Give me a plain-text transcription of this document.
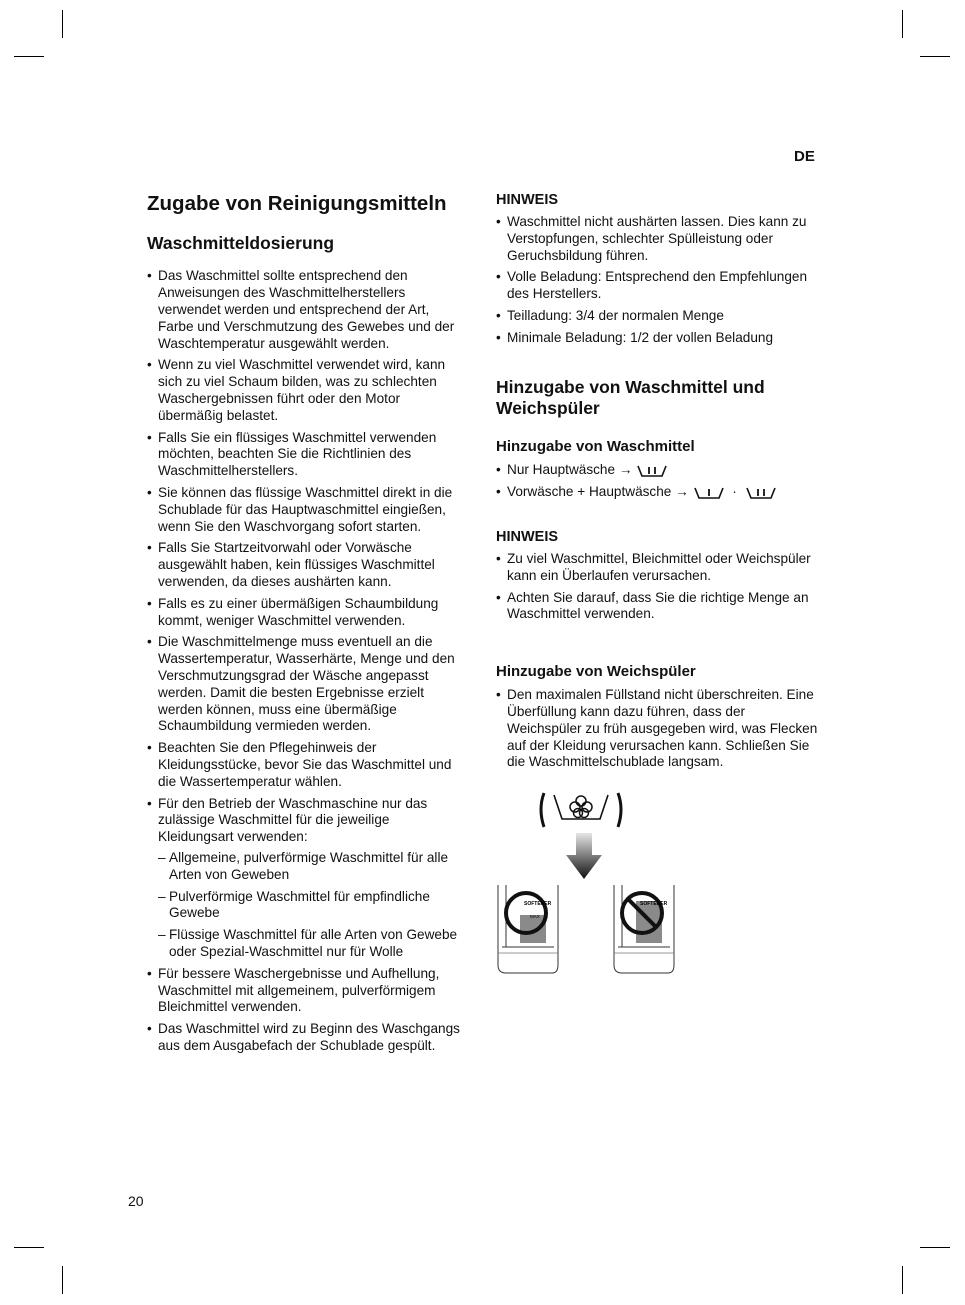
DE
20
Zugabe von Reinigungsmitteln
Waschmitteldosierung
• Das Waschmittel sollte entsprechend den Anweisungen des Waschmittelherstellers verwendet werden und entsprechend der Art, Farbe und Verschmutzung des Gewebes und der Waschtemperatur ausgewählt werden.
• Wenn zu viel Waschmittel verwendet wird, kann sich zu viel Schaum bilden, was zu schlechten Waschergebnissen führt oder den Motor übermäßig belastet.
• Falls Sie ein flüssiges Waschmittel verwenden möchten, beachten Sie die Richtlinien des Waschmittelherstellers.
• Sie können das flüssige Waschmittel direkt in die Schublade für das Hauptwaschmittel eingießen, wenn Sie den Waschvorgang sofort starten.
• Falls Sie Startzeitvorwahl oder Vorwäsche ausgewählt haben, kein flüssiges Waschmittel verwenden, da dieses aushärten kann.
• Falls es zu einer übermäßigen Schaumbildung kommt, weniger Waschmittel verwenden.
• Die Waschmittelmenge muss eventuell an die Wassertemperatur, Wasserhärte, Menge und den Verschmutzungsgrad der Wäsche angepasst werden. Damit die besten Ergebnisse erzielt werden können, muss eine übermäßige Schaumbildung vermieden werden.
• Beachten Sie den Pflegehinweis der Kleidungsstücke, bevor Sie das Waschmittel und die Wassertemperatur wählen.
• Für den Betrieb der Waschmaschine nur das zulässige Waschmittel für die jeweilige Kleidungsart verwenden:
– Allgemeine, pulverförmige Waschmittel für alle Arten von Geweben
– Pulverförmige Waschmittel für empfindliche Gewebe
– Flüssige Waschmittel für alle Arten von Gewebe oder Spezial-Waschmittel nur für Wolle
• Für bessere Waschergebnisse und Aufhellung, Waschmittel mit allgemeinem, pulverförmigem Bleichmittel verwenden.
• Das Waschmittel wird zu Beginn des Waschgangs aus dem Ausgabefach der Schublade gespült.
HINWEIS
• Waschmittel nicht aushärten lassen. Dies kann zu Verstopfungen, schlechter Spülleistung oder Geruchsbildung führen.
• Volle Beladung: Entsprechend den Empfehlungen des Herstellers.
• Teilladung: 3/4 der normalen Menge
• Minimale Beladung: 1/2 der vollen Beladung
Hinzugabe von Waschmittel und Weichspüler
Hinzugabe von Waschmittel
• Nur Hauptwäsche →
• Vorwäsche + Hauptwäsche →	·
HINWEIS
• Zu viel Waschmittel, Bleichmittel oder Weichspüler kann ein Überlaufen verursachen.
• Achten Sie darauf, dass Sie die richtige Menge an Waschmittel verwenden.
Hinzugabe von Weichspüler
• Den maximalen Füllstand nicht überschreiten. Eine Überfüllung kann dazu führen, dass der Weichspüler zu früh ausgegeben wird, was Flecken auf der Kleidung verursachen kann. Schließen Sie die Waschmittelschublade langsam.
SOFTENER
MAX
SOFTENER
